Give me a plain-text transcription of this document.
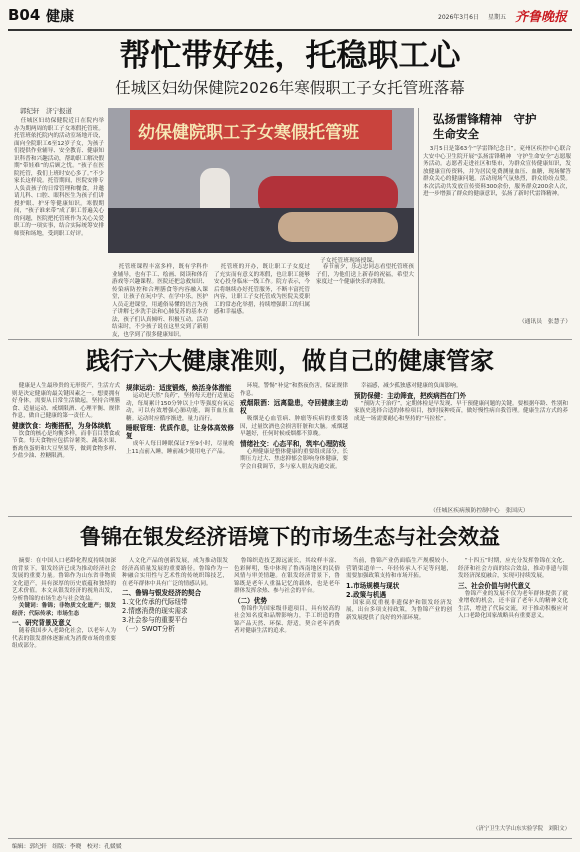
B04 健康	2026年3月6日 星期五 齐鲁晚报
帮忙带好娃，托稳职工心
任城区妇幼保健院2026年寒假职工子女托管班落幕
郭纪轩　济宁报道
幼保健院职工子女寒假托管班
子女托管班现场授课。

任城区妇幼保健院近日在院内举办为期两周的职工子女寒假托管班。托管班依托院内的活动室场地开设，面向全院职工6至12岁子女，为孩子们提供作业辅导、安全教育、健康知识科普和兴趣活动，帮助职工解决假期“带娃难”的后顾之忧。“孩子在医院托管，我们上班时安心多了。”不少家长这样说。托管期间，医院安排专人负责孩子的日常管理和餐食，并邀请儿科、口腔、眼科医生为孩子们讲授护眼、护牙等健康知识。寒假期间，“孩子谁来带”成了职工普遍关心的问题，医院把托管班作为关心关爱职工的一项实事，结合实际统筹安排师资和场地，受到职工好评。

托管班课程丰富多样，既有学科作业辅导，也有手工、绘画、阅读和体育游戏等兴趣课程。医院还把急救知识、传染病防控和合理膳食等内容融入课堂，让孩子在玩中学、在学中乐。医护人员走进课堂，用通俗易懂的语言为孩子讲解七步洗手法和心肺复苏的基本方法，孩子们认真倾听、积极互动。活动结束时，不少孩子说在这里交到了新朋友，也学到了很多健康知识。

托管班的开办，既让职工子女度过了充实而有意义的寒假，也让职工能够安心投身临床一线工作。院方表示，今后将继续办好托管服务，不断丰富托管内容，让职工子女托管成为医院关爱职工的常态化举措，持续增强职工的归属感和幸福感。

春节前夕，乐志忠同志看望托管班孩子们，为他们送上新春的祝福，希望大家度过一个健康快乐的寒假。

弘扬雷锋精神　守护生命安全

3月5日是第63个“学雷锋纪念日”。兖州区疾控中心联合大安中心卫生院开展“弘扬雷锋精神　守护生命安全”志愿服务活动。志愿者走进社区和集市，为群众宣传健康知识，发放健康宣传资料，并为居民免费测量血压、血糖，现场解答群众关心的健康问题。活动现场气氛热烈，群众纷纷点赞。本次活动共发放宣传资料300余份，服务群众200余人次，进一步增强了群众的健康意识，弘扬了新时代雷锋精神。

（通讯员　张慧子）
践行六大健康准则，做自己的健康管家

健康是人生最珍贵的无形资产，生活方式则是决定健康的最关键因素之一。想要拥有好身体，需要从日常生活做起，坚持合理膳食、适量运动、戒烟限酒、心理平衡、规律作息，做自己健康的第一责任人。

健康饮食：均衡搭配，为身体续航

饮食的核心是均衡多样，而非盲目禁食或节食。每天食物应包括谷薯类、蔬菜水果、畜禽鱼蛋奶和大豆坚果等，做到食物多样、少盐少油、控糖限酒。

规律运动：适度锻炼，焕活身体潜能

运动是天然“良药”，坚持每天进行适量运动，每周累计150分钟以上中等强度有氧运动，可以有效增强心肺功能，调节血压血糖。运动时应循序渐进，量力而行。

睡眠管理：优质作息，让身体高效修复

成年人每日睡眠保证7至9小时，尽量晚上11点前入睡，睡前减少使用电子产品。

环境，警惕“补觉”和熬夜伤害，保证规律作息。

戒烟限酒：远离隐患，夺回健康主动权

吸烟是心血管病、肿瘤等疾病的重要诱因，过量饮酒也会损害肝脏和大脑。戒烟越早越好，任何时候戒烟都不算晚。

情绪社交：心态平和，筑牢心理防线

心理健康是整体健康的重要组成部分。长期压力过大、焦虑抑郁会影响身体健康，要学会自我调节，多与家人朋友沟通交流。

幸福感，减少孤独感对健康的负面影响。

预防保健：主动筛查，把疾病挡在门外

“预防大于治疗”，定期体检是早发现、早干预健康问题的关键。要根据年龄、性别和家族史选择合适的体检项目，按时接种疫苗，做好慢性病自我管理。健康生活方式的养成是一场需要耐心和坚持的“马拉松”。

（任城区疾病预防控制中心　张国庆）
鲁锦在银发经济语境下的市场生态与社会效益

摘要：在中国人口老龄化程度持续加深的背景下，银发经济已成为推动经济社会发展的重要力量。鲁锦作为山东省非物质文化遗产，具有深厚的历史底蕴和独特的艺术价值。本文从银发经济的视角出发，分析鲁锦的市场生态与社会效益。

关键词：鲁锦；非物质文化遗产；银发经济；代际传承；市场生态

一、研究背景及意义

随着我国步入老龄化社会，以老年人为代表的银发群体逐渐成为消费市场的重要组成部分。

人文化产品的创新发展，成为推动银发经济高质量发展的重要路径。鲁锦作为一种融合实用性与艺术性的传统织锦技艺，在老年群体中具有广泛的情感认同。

二、鲁锦与银发经济的契合
1.文化传承的代际纽带
2.情感消费的现实需求
3.社会参与的重要平台
（一）SWOT分析

鲁锦织造技艺源远流长，其纹样丰富、色彩鲜明，集中体现了鲁西南地区的民俗风情与审美情趣。在银发经济背景下，鲁锦既是老年人重温记忆的载体，也是老年群体发挥余热、参与社会的平台。

（二）优势

鲁锦作为国家级非遗项目，具有较高的社会知名度和品牌影响力，手工织造的鲁锦产品天然、环保、舒适，契合老年消费者对健康生活的追求。

当前，鲁锦产业仍面临生产规模较小、营销渠道单一、年轻传承人不足等问题，需要加强政策支持和市场开拓。

1.市场规模与现状
2.政策与机遇

国家高度重视非遗保护和银发经济发展，出台多项支持政策，为鲁锦产业的创新发展提供了良好的外部环境。

“十四五”时期，应充分发挥鲁锦在文化、经济和社会方面的综合效益，推动非遗与银发经济深度融合，实现可持续发展。

三、社会价值与时代意义

鲁锦产业的发展不仅为老年群体提供了就业增收的机会，还丰富了老年人的精神文化生活，增进了代际交流，对于推动积极应对人口老龄化国家战略具有重要意义。

（济宁卫生大学山东实验学院　刘阳文）
编辑：郭纪轩 组版：李晓 校对：孔媛媛
